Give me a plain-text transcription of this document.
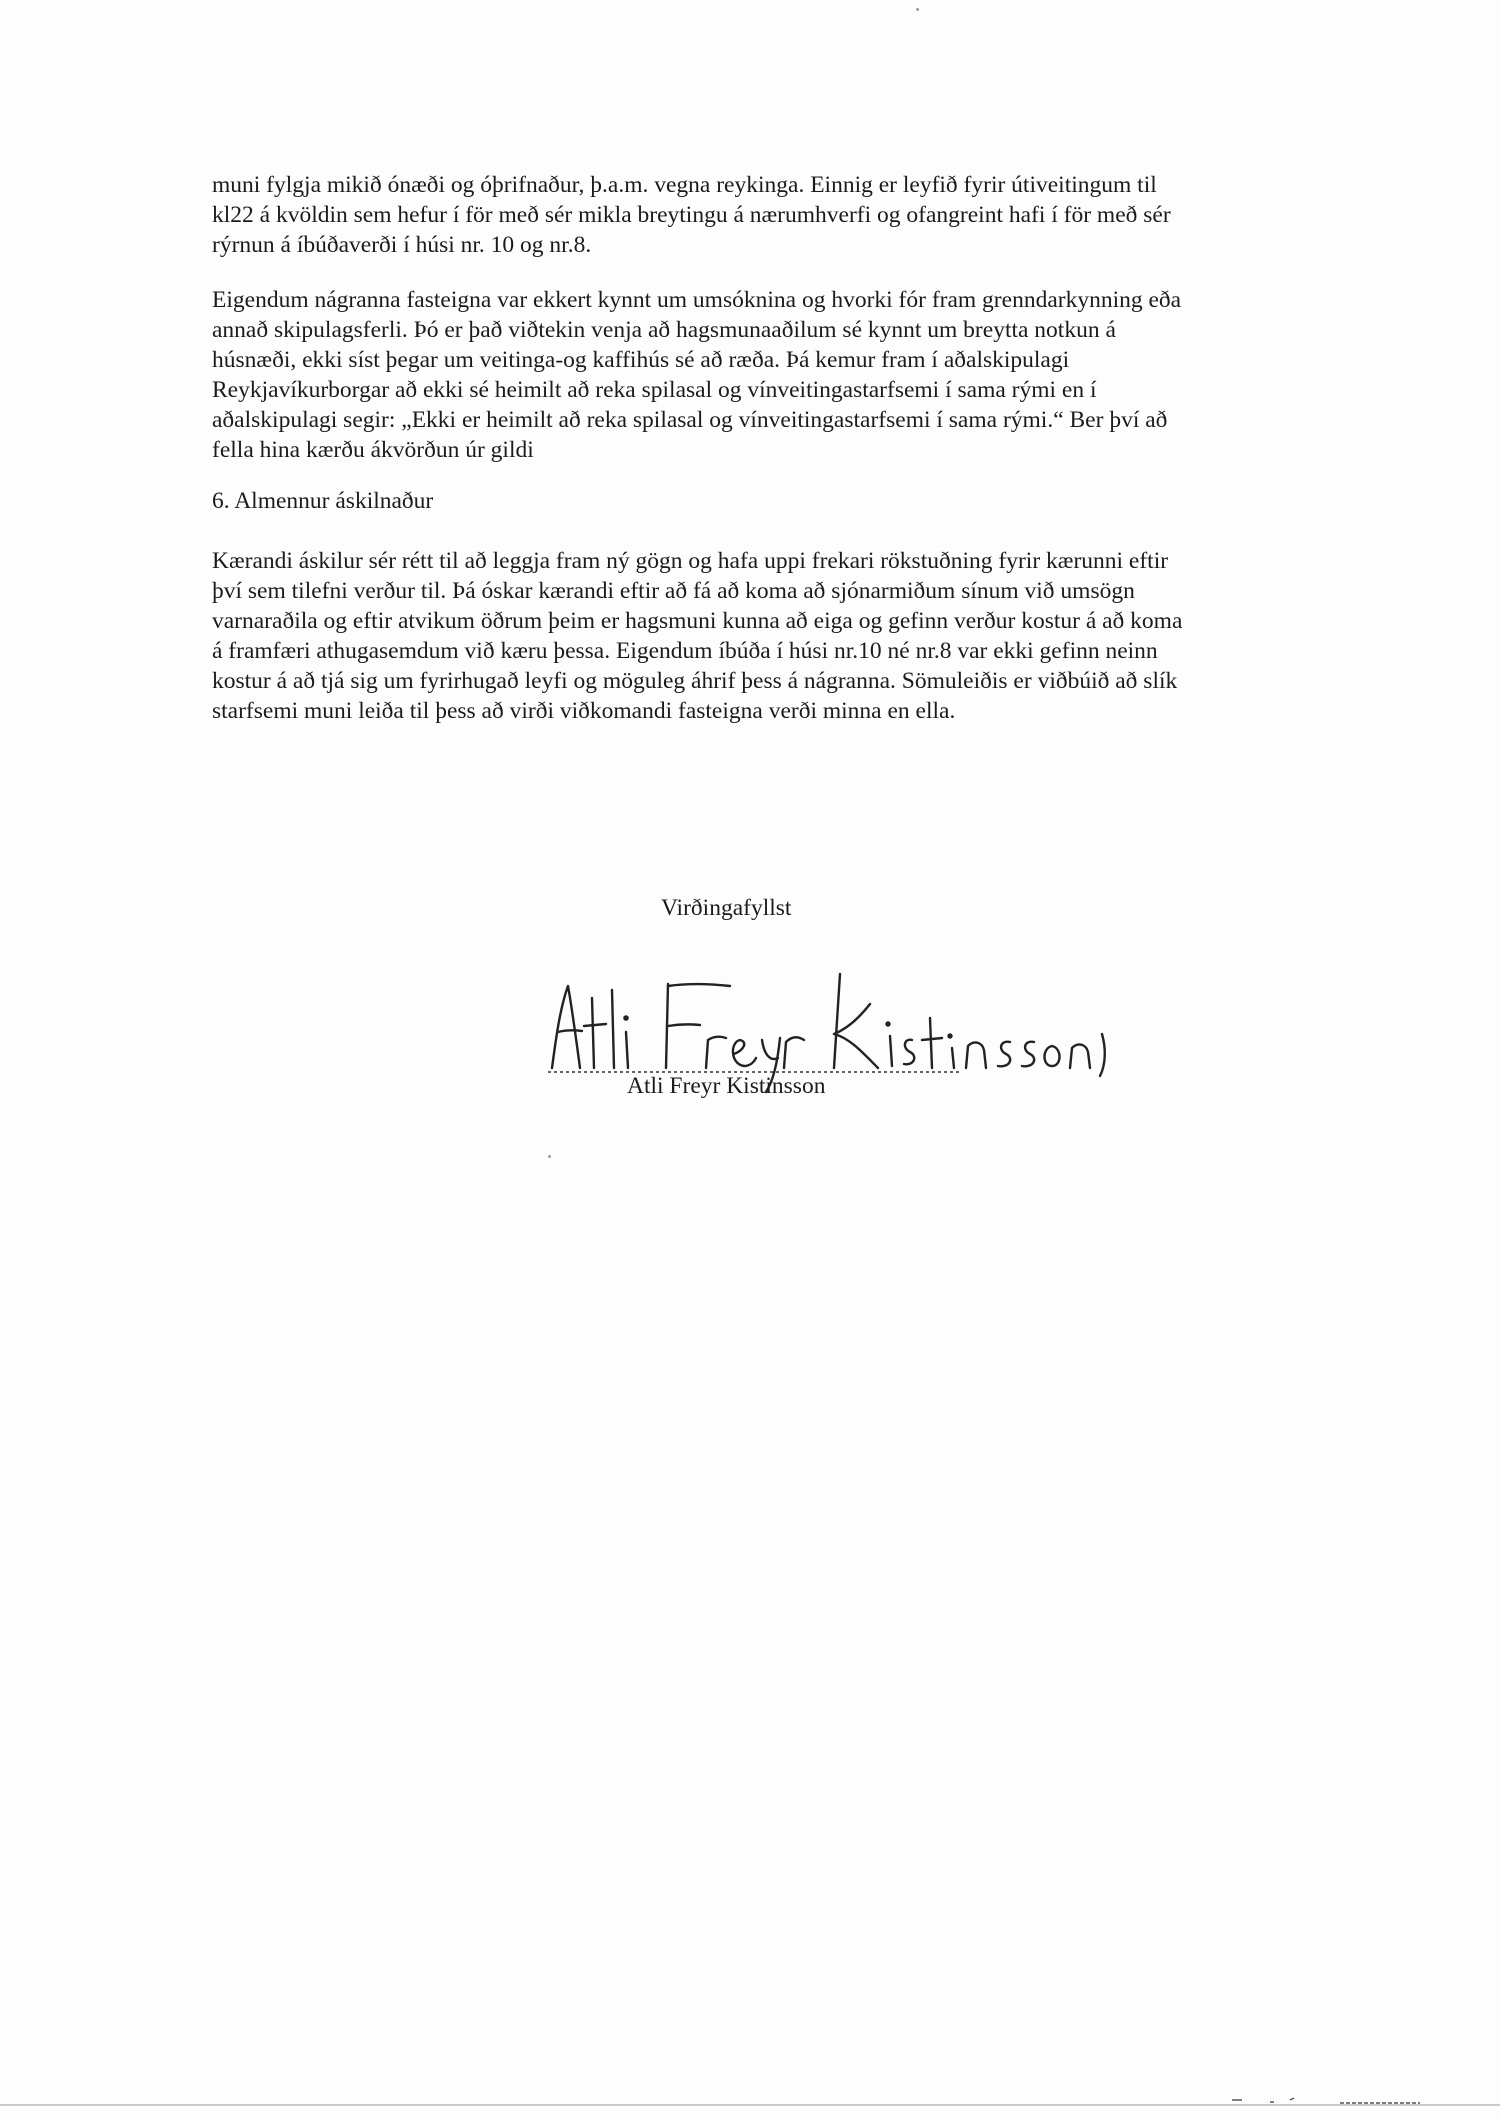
muni fylgja mikið ónæði og óþrifnaður, þ.a.m. vegna reykinga. Einnig er leyfið fyrir útiveitingum til
kl22 á kvöldin sem hefur í för með sér mikla breytingu á nærumhverfi og ofangreint hafi í för með sér
rýrnun á íbúðaverði í húsi nr. 10 og nr.8.
Eigendum nágranna fasteigna var ekkert kynnt um umsóknina og hvorki fór fram grenndarkynning eða
annað skipulagsferli. Þó er það viðtekin venja að hagsmunaaðilum sé kynnt um breytta notkun á
húsnæði, ekki síst þegar um veitinga-og kaffihús sé að ræða. Þá kemur fram í aðalskipulagi
Reykjavíkurborgar að ekki sé heimilt að reka spilasal og vínveitingastarfsemi í sama rými en í
aðalskipulagi segir: „Ekki er heimilt að reka spilasal og vínveitingastarfsemi í sama rými.“ Ber því að
fella hina kærðu ákvörðun úr gildi
6. Almennur áskilnaður
Kærandi áskilur sér rétt til að leggja fram ný gögn og hafa uppi frekari rökstuðning fyrir kærunni eftir
því sem tilefni verður til. Þá óskar kærandi eftir að fá að koma að sjónarmiðum sínum við umsögn
varnaraðila og eftir atvikum öðrum þeim er hagsmuni kunna að eiga og gefinn verður kostur á að koma
á framfæri athugasemdum við kæru þessa. Eigendum íbúða í húsi nr.10 né nr.8 var ekki gefinn neinn
kostur á að tjá sig um fyrirhugað leyfi og möguleg áhrif þess á nágranna. Sömuleiðis er viðbúið að slík
starfsemi muni leiða til þess að virði viðkomandi fasteigna verði minna en ella.
Virðingafyllst
Atli Freyr Kistinsson
